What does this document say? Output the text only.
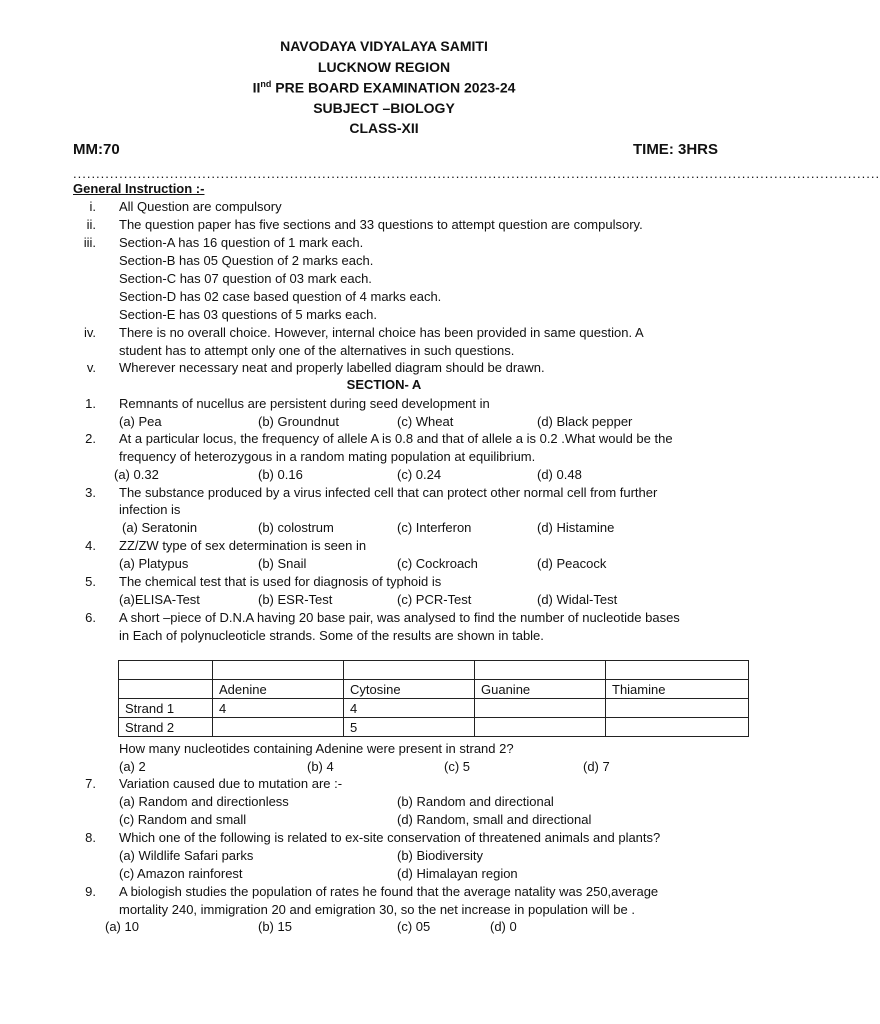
NAVODAYA VIDYALAYA SAMITI
LUCKNOW REGION
IInd PRE BOARD EXAMINATION 2023-24
SUBJECT –BIOLOGY
CLASS-XII
MM:70	TIME: 3HRS
...............................................................................................................................................................................
General Instruction :-
i. All Question are compulsory
ii. The question paper has five sections and 33 questions to attempt question are compulsory.
iii. Section-A has 16 question of 1 mark each.
Section-B has 05 Question of 2 marks each.
Section-C has 07 question of 03 mark each.
Section-D has 02 case based question of 4 marks each.
Section-E has 03 questions of 5 marks each.
iv. There is no overall choice. However, internal choice has been provided in same question. A
student has to attempt only one of the alternatives in such questions.
v. Wherever necessary neat and properly labelled diagram should be drawn.
SECTION- A
1. Remnants of nucellus are persistent during seed development in
(a) Pea	(b) Groundnut	(c) Wheat	(d) Black pepper
2. At a particular locus, the frequency of allele A is 0.8 and that of allele a is 0.2 .What would be the
frequency of heterozygous in a random mating population at equilibrium.
(a) 0.32	(b) 0.16	(c) 0.24	(d) 0.48
3. The substance produced by a virus infected cell that can protect other normal cell from further
infection is
(a) Seratonin	(b) colostrum	(c) Interferon	(d) Histamine
4. ZZ/ZW type of sex determination is seen in
(a) Platypus	(b) Snail	(c) Cockroach	(d) Peacock
5. The chemical test that is used for diagnosis of typhoid is
(a)ELISA-Test	(b) ESR-Test	(c) PCR-Test	(d) Widal-Test
6. A short –piece of D.N.A having 20 base pair, was analysed to find the number of nucleotide bases
in Each of polynucleoticle strands. Some of the results are shown in table.

	Adenine	Cytosine	Guanine	Thiamine
Strand 1	4	4		
Strand 2		5		
How many nucleotides containing Adenine were present in strand 2?
(a) 2	(b) 4	(c) 5	(d) 7
7. Variation caused due to mutation are :-
(a) Random and directionless	(b) Random and directional
(c) Random and small	(d) Random, small and directional
8. Which one of the following is related to ex-site conservation of threatened animals and plants?
(a) Wildlife Safari parks	(b) Biodiversity
(c) Amazon rainforest	(d) Himalayan region
9. A biologish studies the population of rates he found that the average natality was 250,average
mortality 240, immigration 20 and emigration 30, so the net increase in population will be .
(a) 10	(b) 15	(c) 05	(d) 0
